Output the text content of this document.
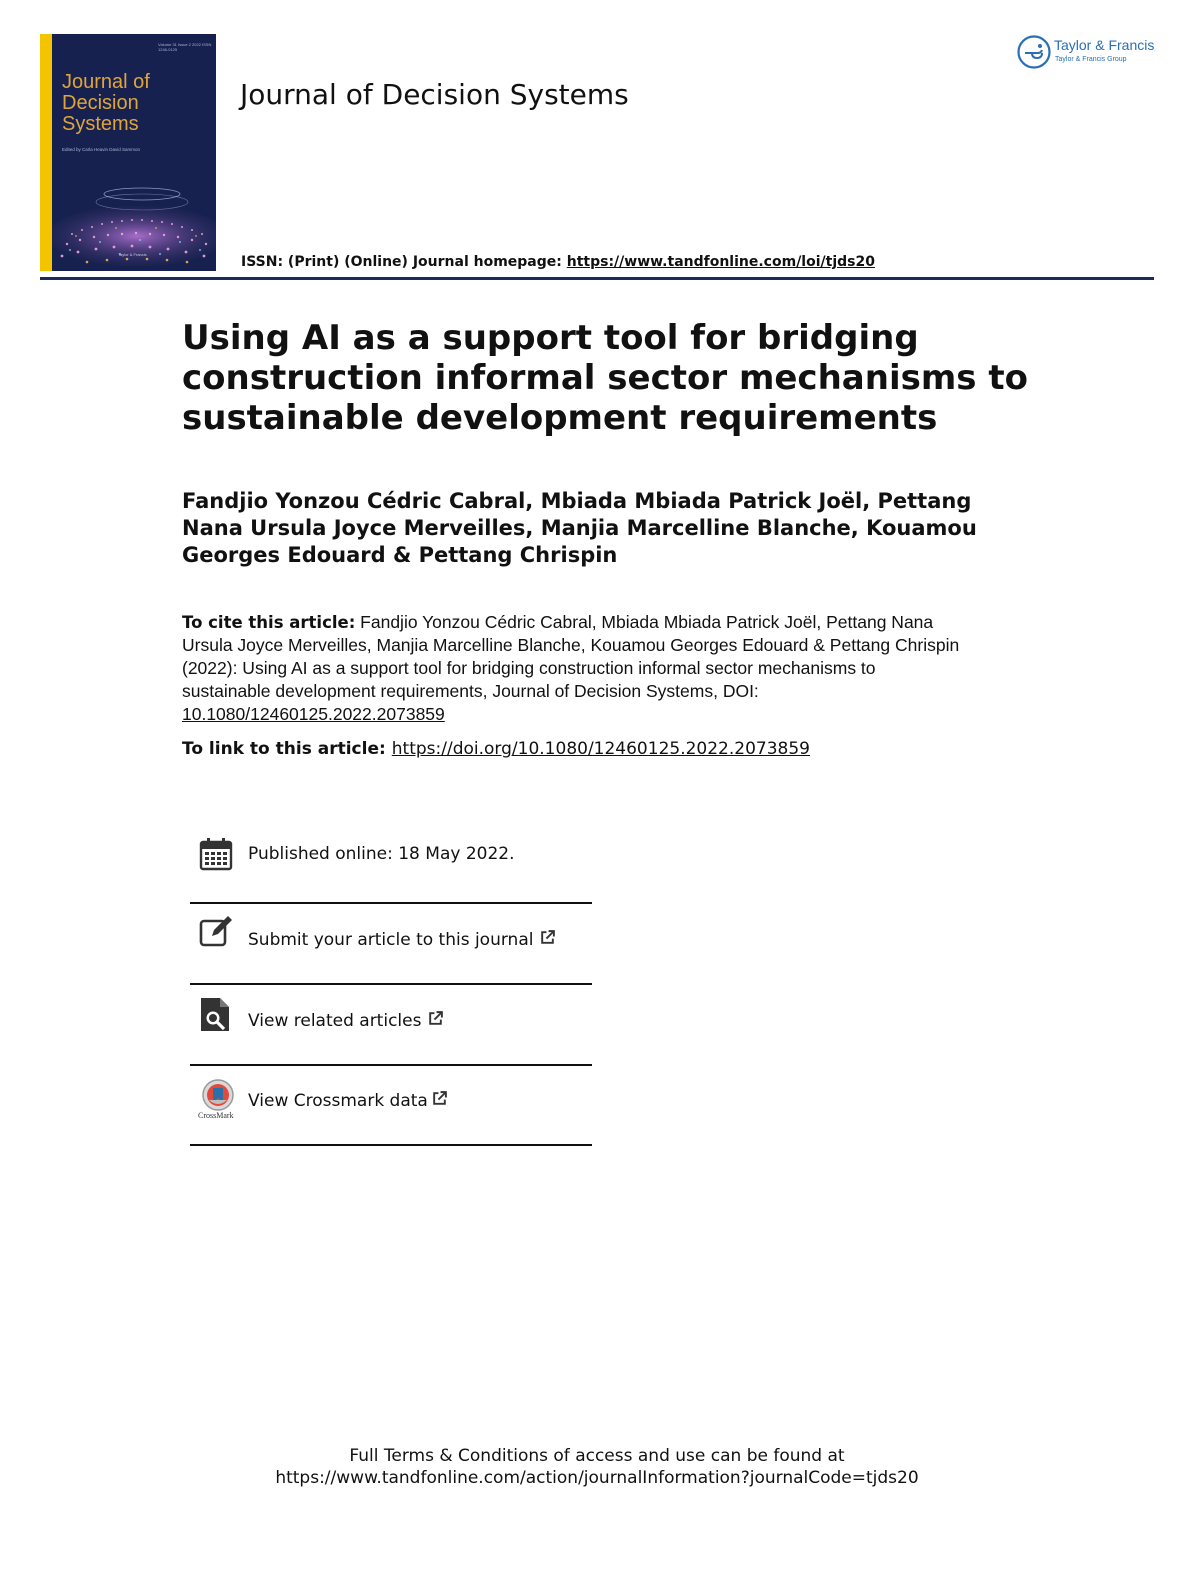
Volume 31 Issue 2 2022 ISSN 1246-0125
Journal of Decision Systems
Edited by Carla Heavin David Sammon
Taylor & Francis
Journal of Decision Systems
ISSN: (Print) (Online) Journal homepage: https://www.tandfonline.com/loi/tjds20
Taylor & Francis
Taylor & Francis Group
Using AI as a support tool for bridging construction informal sector mechanisms to sustainable development requirements
Fandjio Yonzou Cédric Cabral, Mbiada Mbiada Patrick Joël, Pettang Nana Ursula Joyce Merveilles, Manjia Marcelline Blanche, Kouamou Georges Edouard & Pettang Chrispin
To cite this article: Fandjio Yonzou Cédric Cabral, Mbiada Mbiada Patrick Joël, Pettang Nana Ursula Joyce Merveilles, Manjia Marcelline Blanche, Kouamou Georges Edouard & Pettang Chrispin (2022): Using AI as a support tool for bridging construction informal sector mechanisms to sustainable development requirements, Journal of Decision Systems, DOI:
10.1080/12460125.2022.2073859
To link to this article: https://doi.org/10.1080/12460125.2022.2073859
Published online: 18 May 2022.
Submit your article to this journal
View related articles
CrossMark
View Crossmark data
Full Terms & Conditions of access and use can be found at
https://www.tandfonline.com/action/journalInformation?journalCode=tjds20
